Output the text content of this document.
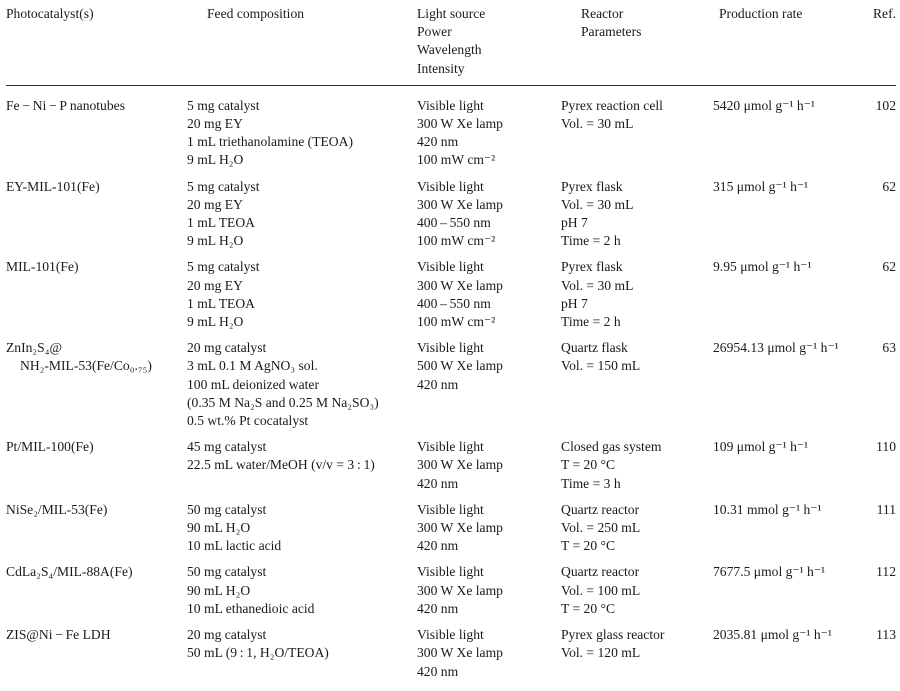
Photocatalyst(s)	Feed composition	Light source
Power
Wavelength
Intensity	Reactor
Parameters	Production rate	Ref.

Fe − Ni − P nanotubes	5 mg catalyst
20 mg EY
1 mL triethanolamine (TEOA)
9 mL H₂O	Visible light
300 W Xe lamp
420 nm
100 mW cm⁻²	Pyrex reaction cell
Vol. = 30 mL	5420 μmol g⁻¹ h⁻¹	102

EY-MIL-101(Fe)	5 mg catalyst
20 mg EY
1 mL TEOA
9 mL H₂O	Visible light
300 W Xe lamp
400 – 550 nm
100 mW cm⁻²	Pyrex flask
Vol. = 30 mL
pH 7
Time = 2 h	315 μmol g⁻¹ h⁻¹	62

MIL-101(Fe)	5 mg catalyst
20 mg EY
1 mL TEOA
9 mL H₂O	Visible light
300 W Xe lamp
400 – 550 nm
100 mW cm⁻²	Pyrex flask
Vol. = 30 mL
pH 7
Time = 2 h	9.95 μmol g⁻¹ h⁻¹	62

ZnIn₂S₄@
NH₂-MIL-53(Fe/Co₀.₇₅)	20 mg catalyst
3 mL 0.1 M AgNO₃ sol.
100 mL deionized water
(0.35 M Na₂S and 0.25 M Na₂SO₃)
0.5 wt.% Pt cocatalyst	Visible light
500 W Xe lamp
420 nm	Quartz flask
Vol. = 150 mL	26954.13 μmol g⁻¹ h⁻¹	63

Pt/MIL-100(Fe)	45 mg catalyst
22.5 mL water/MeOH (v/v = 3 : 1)	Visible light
300 W Xe lamp
420 nm	Closed gas system
T = 20 °C
Time = 3 h	109 μmol g⁻¹ h⁻¹	110

NiSe₂/MIL-53(Fe)	50 mg catalyst
90 mL H₂O
10 mL lactic acid	Visible light
300 W Xe lamp
420 nm	Quartz reactor
Vol. = 250 mL
T = 20 °C	10.31 mmol g⁻¹ h⁻¹	111

CdLa₂S₄/MIL-88A(Fe)	50 mg catalyst
90 mL H₂O
10 mL ethanedioic acid	Visible light
300 W Xe lamp
420 nm	Quartz reactor
Vol. = 100 mL
T = 20 °C	7677.5 μmol g⁻¹ h⁻¹	112

ZIS@Ni − Fe LDH	20 mg catalyst
50 mL (9 : 1, H₂O/TEOA)	Visible light
300 W Xe lamp
420 nm	Pyrex glass reactor
Vol. = 120 mL	2035.81 μmol g⁻¹ h⁻¹	113
